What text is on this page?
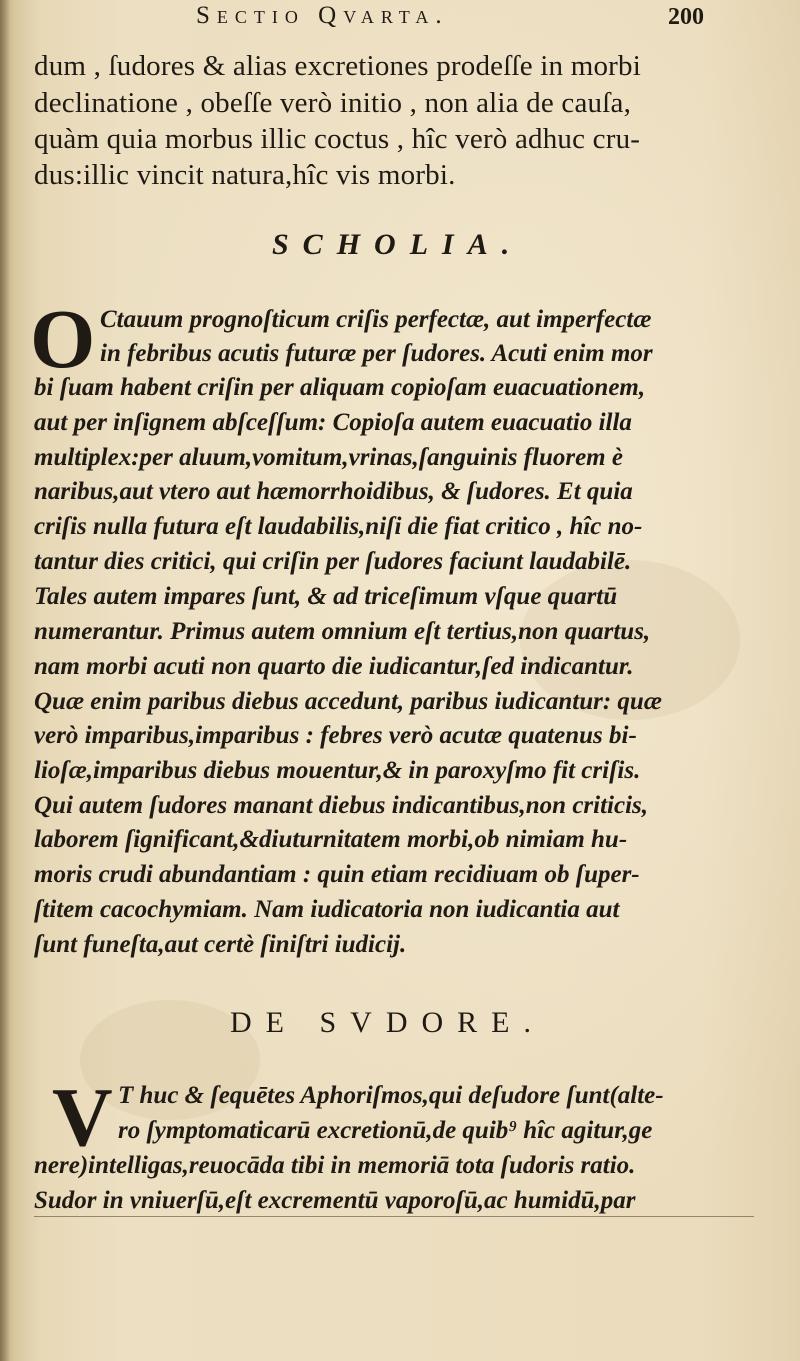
Sectio Qvarta.	200
dum , ſudores & alias excretiones prodeſſe in morbi
declinatione , obeſſe verò initio , non alia de cauſa,
quàm quia morbus illic coctus , hîc verò adhuc cru-
dus:illic vincit natura,hîc vis morbi.
SCHOLIA.
O Ctauum prognoſticum criſis perfectæ, aut imperfectæ
in febribus acutis futuræ per ſudores. Acuti enim mor
bi ſuam habent criſin per aliquam copioſam euacuationem,
aut per inſignem abſceſſum: Copioſa autem euacuatio illa
multiplex:per aluum,vomitum,vrinas,ſanguinis fluorem è
naribus,aut vtero aut hæmorrhoidibus, & ſudores. Et quia
criſis nulla futura eſt laudabilis,niſi die fiat critico , hîc no-
tantur dies critici, qui criſin per ſudores faciunt laudabilē.
Tales autem impares ſunt, & ad triceſimum vſque quartū
numerantur. Primus autem omnium eſt tertius,non quartus,
nam morbi acuti non quarto die iudicantur,ſed indicantur.
Quæ enim paribus diebus accedunt, paribus iudicantur: quæ
verò imparibus,imparibus : febres verò acutæ quatenus bi-
lioſæ,imparibus diebus mouentur,& in paroxyſmo fit criſis.
Qui autem ſudores manant diebus indicantibus,non criticis,
laborem ſignificant,&diuturnitatem morbi,ob nimiam hu-
moris crudi abundantiam : quin etiam recidiuam ob ſuper-
ſtitem cacochymiam. Nam iudicatoria non iudicantia aut
ſunt funeſta,aut certè ſiniſtri iudicij.
DE SVDORE.
V T huc & ſequētes Aphoriſmos,qui deſudore ſunt(alte-
ro ſymptomaticarū excretionū,de quib⁹ hîc agitur,ge
nere)intelligas,reuocāda tibi in memoriā tota ſudoris ratio.
Sudor in vniuerſū,eſt excrementū vaporoſū,ac humidū,par
